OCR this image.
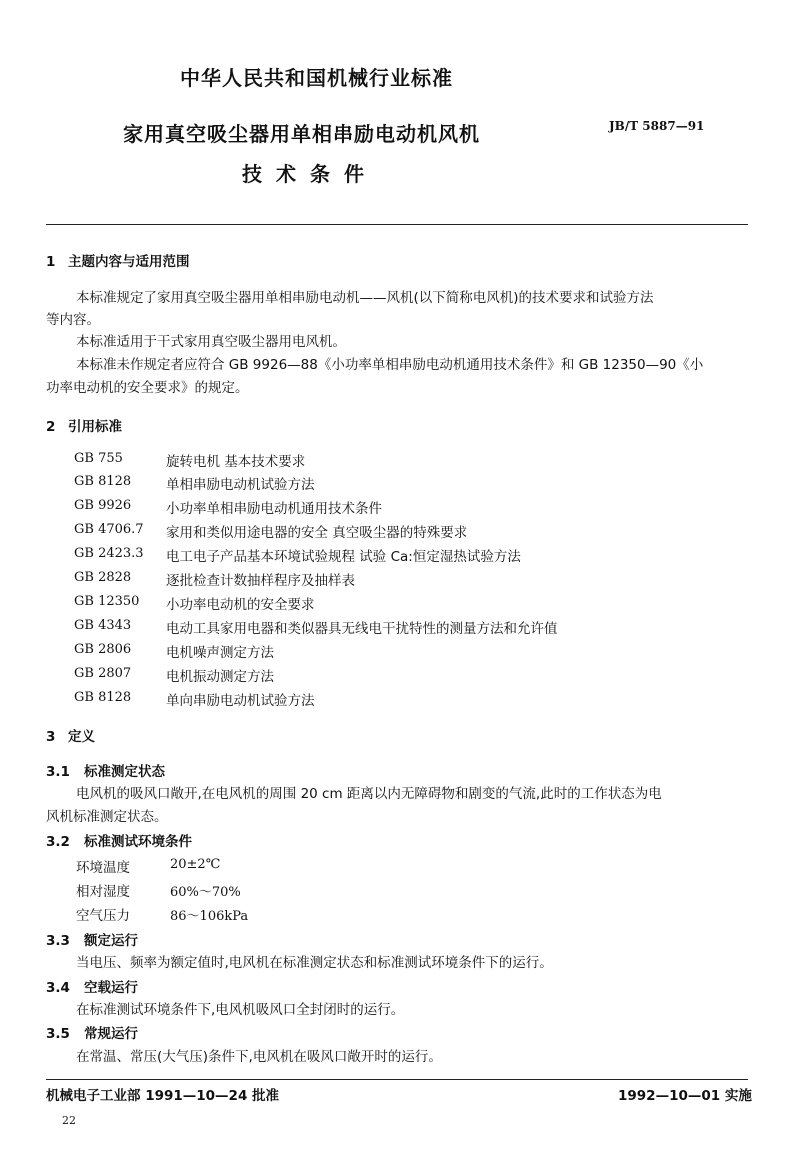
中华人民共和国机械行业标准
家用真空吸尘器用单相串励电动机风机
技术条件
JB/T 5887—91
1 主题内容与适用范围
本标准规定了家用真空吸尘器用单相串励电动机——风机(以下简称电风机)的技术要求和试验方法
等内容。
本标准适用于干式家用真空吸尘器用电风机。
本标准未作规定者应符合 GB 9926—88《小功率单相串励电动机通用技术条件》和 GB 12350—90《小
功率电动机的安全要求》的规定。
2 引用标准
GB 755	旋转电机 基本技术要求
GB 8128	单相串励电动机试验方法
GB 9926	小功率单相串励电动机通用技术条件
GB 4706.7 家用和类似用途电器的安全 真空吸尘器的特殊要求
GB 2423.3 电工电子产品基本环境试验规程 试验 Ca:恒定湿热试验方法
GB 2828	逐批检查计数抽样程序及抽样表
GB 12350 小功率电动机的安全要求
GB 4343	电动工具家用电器和类似器具无线电干扰特性的测量方法和允许值
GB 2806	电机噪声测定方法
GB 2807	电机振动测定方法
GB 8128	单向串励电动机试验方法
3 定义
3.1 标准测定状态
电风机的吸风口敞开,在电风机的周围 20 cm 距离以内无障碍物和剧变的气流,此时的工作状态为电
风机标准测定状态。
3.2 标准测试环境条件
环境温度	20±2℃
相对湿度	60%～70%
空气压力	86～106kPa
3.3 额定运行
当电压、频率为额定值时,电风机在标准测定状态和标准测试环境条件下的运行。
3.4 空载运行
在标准测试环境条件下,电风机吸风口全封闭时的运行。
3.5 常规运行
在常温、常压(大气压)条件下,电风机在吸风口敞开时的运行。
机械电子工业部 1991—10—24 批准	1992—10—01 实施
22
